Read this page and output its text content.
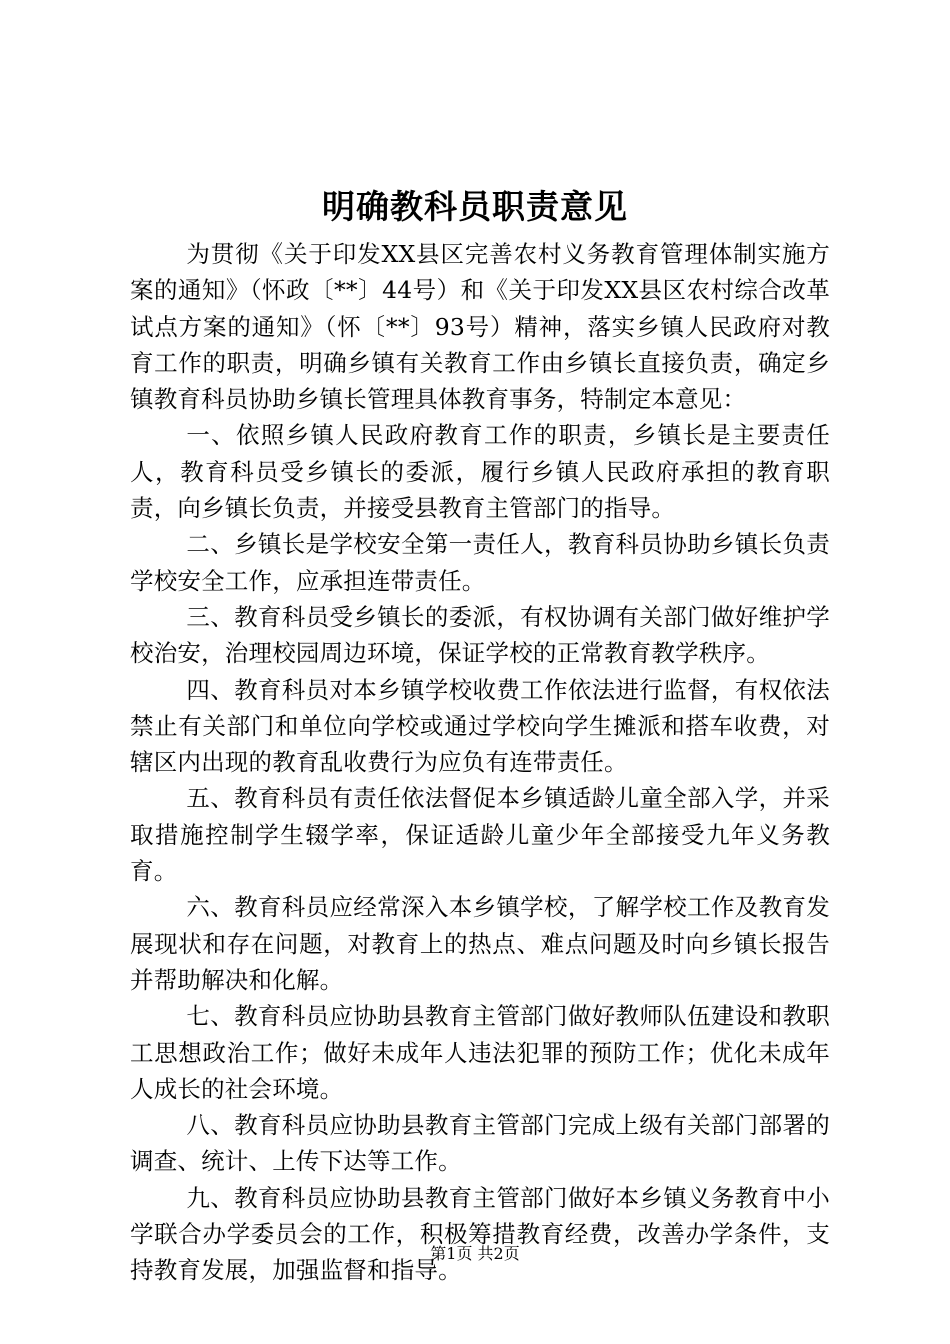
明确教科员职责意见

为贯彻《关于印发XX县区完善农村义务教育管理体制实施方案的通知》（怀政〔**〕44号）和《关于印发XX县区农村综合改革试点方案的通知》（怀〔**〕93号）精神，落实乡镇人民政府对教育工作的职责，明确乡镇有关教育工作由乡镇长直接负责，确定乡镇教育科员协助乡镇长管理具体教育事务，特制定本意见：

一、依照乡镇人民政府教育工作的职责，乡镇长是主要责任人，教育科员受乡镇长的委派，履行乡镇人民政府承担的教育职责，向乡镇长负责，并接受县教育主管部门的指导。

二、乡镇长是学校安全第一责任人，教育科员协助乡镇长负责学校安全工作，应承担连带责任。

三、教育科员受乡镇长的委派，有权协调有关部门做好维护学校治安，治理校园周边环境，保证学校的正常教育教学秩序。

四、教育科员对本乡镇学校收费工作依法进行监督，有权依法禁止有关部门和单位向学校或通过学校向学生摊派和搭车收费，对辖区内出现的教育乱收费行为应负有连带责任。

五、教育科员有责任依法督促本乡镇适龄儿童全部入学，并采取措施控制学生辍学率，保证适龄儿童少年全部接受九年义务教育。

六、教育科员应经常深入本乡镇学校，了解学校工作及教育发展现状和存在问题，对教育上的热点、难点问题及时向乡镇长报告并帮助解决和化解。

七、教育科员应协助县教育主管部门做好教师队伍建设和教职工思想政治工作；做好未成年人违法犯罪的预防工作；优化未成年人成长的社会环境。

八、教育科员应协助县教育主管部门完成上级有关部门部署的调查、统计、上传下达等工作。

九、教育科员应协助县教育主管部门做好本乡镇义务教育中小学联合办学委员会的工作，积极筹措教育经费，改善办学条件，支持教育发展，加强监督和指导。

第1页 共2页
